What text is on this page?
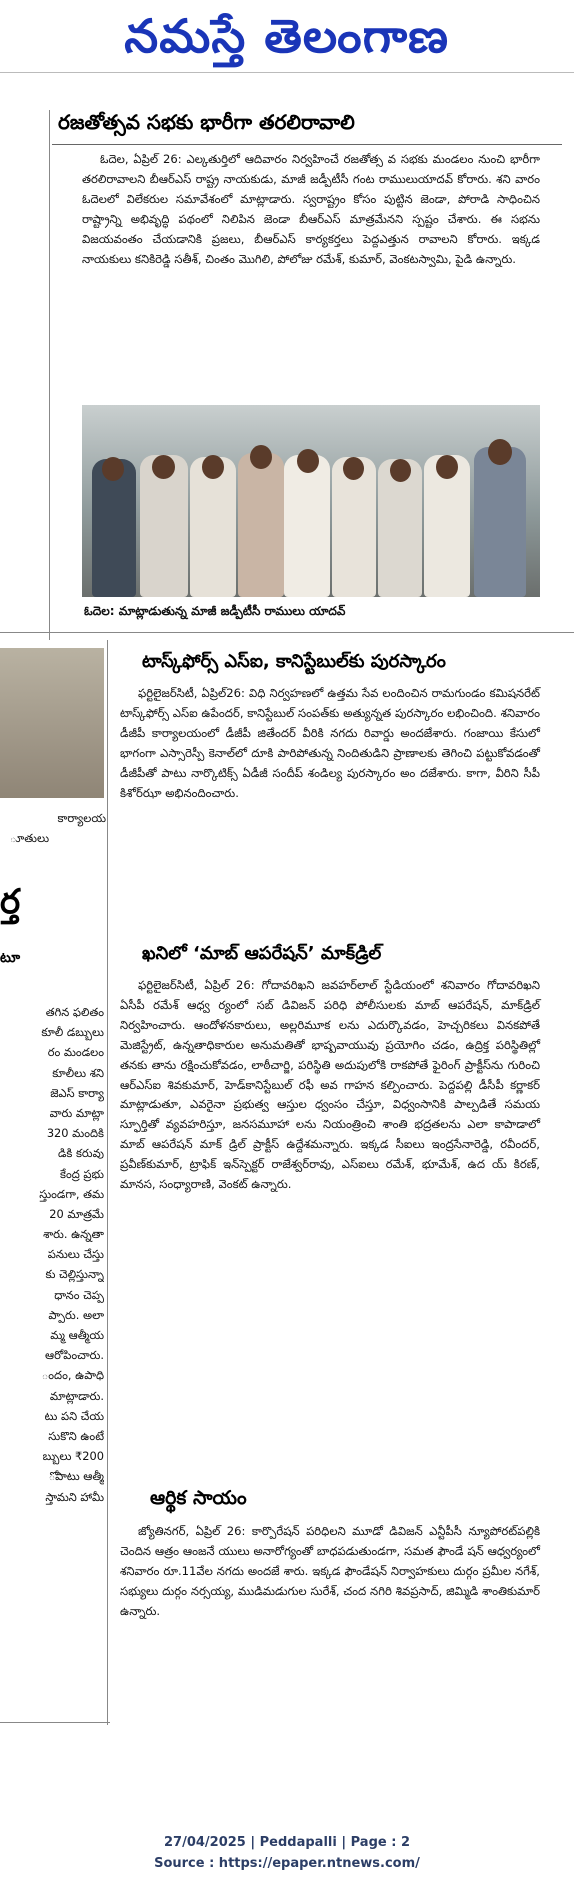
నమస్తే తెలంగాణ
రజతోత్సవ సభకు భారీగా తరలిరావాలి

ఓదెల, ఏప్రిల్ 26: ఎల్కతుర్తిలో ఆదివారం నిర్వహించే రజతోత్స వ సభకు మండలం నుంచి భారీగా తరలిరావాలని బీఆర్ఎస్ రాష్ట్ర నాయకుడు, మాజీ జడ్పీటీసీ గంట రాములుయాదవ్ కోరారు. శని వారం ఓదెలలో విలేకరుల సమావేశంలో మాట్లాడారు. స్వరాష్ట్రం కోసం పుట్టిన జెండా, పోరాడి సాధించిన రాష్ట్రాన్ని అభివృద్ధి పథంలో నిలిపిన జెండా బీఆర్ఎస్ మాత్రమేనని స్పష్టం చేశారు. ఈ సభను విజయవంతం చేయడానికి ప్రజలు, బీఆర్ఎస్ కార్యకర్తలు పెద్దఎత్తున రావాలని కోరారు. ఇక్కడ నాయకులు కనికిరెడ్డి సతీశ్, చింతం మొగిలి, పోలోజు రమేశ్, కుమార్, వెంకటస్వామి, పైడి ఉన్నారు.

ఓదెల: మాట్లాడుతున్న మాజీ జడ్పీటీసీ రాములు యాదవ్
కార్యాలయ
ూతులు
ర్త
టూ
తగిన ఫలితం
కూలీ డబ్బులు
రం మండలం
కూలీలు శని
జెఎస్ కార్యా
వారు మాట్లా
320 మందికి
డికి కరువు
కేంద్ర ప్రభు
స్తుండగా, తమ
20 మాత్రమే
శారు. ఉన్నతా
పనులు చేస్తు
కు చెల్లిస్తున్నా
ధానం చెప్ప
ప్పారు. అలా
మ్మ ఆత్మీయ
ఆరోపించారు.
ందం, ఉపాధి
మాట్లాడారు.
టు పని చేయ
సుకొని ఉంటే
బ్బులు ₹200
ోపాటు ఆత్మీ
స్తామని హామీ
టాస్క్‌ఫోర్స్ ఎస్ఐ, కానిస్టేబుల్‌కు పురస్కారం

ఫర్టిలైజర్‌సిటీ, ఏప్రిల్26: విధి నిర్వహణలో ఉత్తమ సేవ లందించిన రామగుండం కమిషనరేట్ టాస్క్‌ఫోర్స్ ఎస్ఐ ఉపేందర్, కానిస్టేబుల్ సంపత్‌కు అత్యున్నత పురస్కారం లభించింది. శనివారం డీజీపీ కార్యాలయంలో డీజీపీ జితేందర్ వీరికి నగదు రివార్డు అందజేశారు. గంజాయి కేసులో భాగంగా ఎస్సారెస్పీ కెనాల్‌లో దూకి పారిపోతున్న నిందితుడిని ప్రాణాలకు తెగించి పట్టుకోవడంతో డీజీపీతో పాటు నార్కొటిక్స్ ఏడీజీ సందీప్ శండిల్య పురస్కారం అం దజేశారు. కాగా, వీరిని సీపీ కిశోర్‌ఝా అభినందించారు.

ఖనిలో ‘మాబ్ ఆపరేషన్’ మాక్‌డ్రిల్

ఫర్టిలైజర్‌సిటీ, ఏప్రిల్ 26: గోదావరిఖని జవహర్‌లాల్ స్టేడియంలో శనివారం గోదావరిఖని ఏసీపీ రమేశ్ ఆధ్వ ర్యంలో సబ్ డివిజన్ పరిధి పోలీసులకు మాబ్ ఆపరేషన్, మాక్‌డ్రిల్ నిర్వహించారు. ఆందోళనకారులు, అల్లరిమూక లను ఎదుర్కొవడం, హెచ్చరికలు వినకపోతే మెజిస్ట్రేట్, ఉన్నతాధికారుల అనుమతితో భాష్పవాయువు ప్రయోగిం చడం, ఉద్రిక్త పరిస్థితిల్లో తనకు తాను రక్షించుకోవడం, లాఠీచార్జి, పరిస్థితి అదుపులోకి రాకపోతే ఫైరింగ్ ప్రాక్టీస్‌ను గురించి ఆర్ఎస్ఐ శివకుమార్, హెడ్‌కానిస్టేబుల్ రఫీ అవ గాహన కల్పించారు. పెద్దపల్లి డీసీపీ కర్ణాకర్ మాట్లాడుతూ, ఎవరైనా ప్రభుత్వ ఆస్తుల ధ్వంసం చేస్తూ, విధ్వంసానికి పాల్పడితే సమయ స్ఫూర్తితో వ్యవహరిస్తూ, జనసమూహా లను నియంత్రించి శాంతి భద్రతలను ఎలా కాపాడాలో మాబ్ ఆపరేషన్ మాక్ డ్రిల్ ప్రాక్టీస్ ఉద్దేశమన్నారు. ఇక్కడ సీఐలు ఇంద్రసేనారెడ్డి, రవీందర్, ప్రవీణ్‌కుమార్, ట్రాఫిక్ ఇన్‌స్పెక్టర్ రాజేశ్వర్‌రావు, ఎస్ఐలు రమేశ్, భూమేశ్, ఉద య్ కిరణ్, మానస, సంధ్యారాణి, వెంకట్ ఉన్నారు.

ఆర్థిక సాయం

జ్యోతినగర్, ఏప్రిల్ 26: కార్పొరేషన్ పరిధిలని మూడో డివిజన్ ఎన్టీపీసీ న్యూపోరట్‌పల్లికి చెందిన ఆత్రం ఆంజనే యులు అనారోగ్యంతో బాధపడుతుండగా, సమత ఫౌండే షన్ ఆధ్వర్యంలో శనివారం రూ.11వేల నగదు అందజే శారు. ఇక్కడ ఫౌండేషన్ నిర్వాహకులు దుర్గం ప్రమీల నగేశ్, సభ్యులు దుర్గం నర్సయ్య, ముడిమడుగుల సురేశ్, చంద నగిరి శివప్రసాద్, జిమ్మిడి శాంతికుమార్ ఉన్నారు.

27/04/2025 | Peddapalli | Page : 2
Source : https://epaper.ntnews.com/
